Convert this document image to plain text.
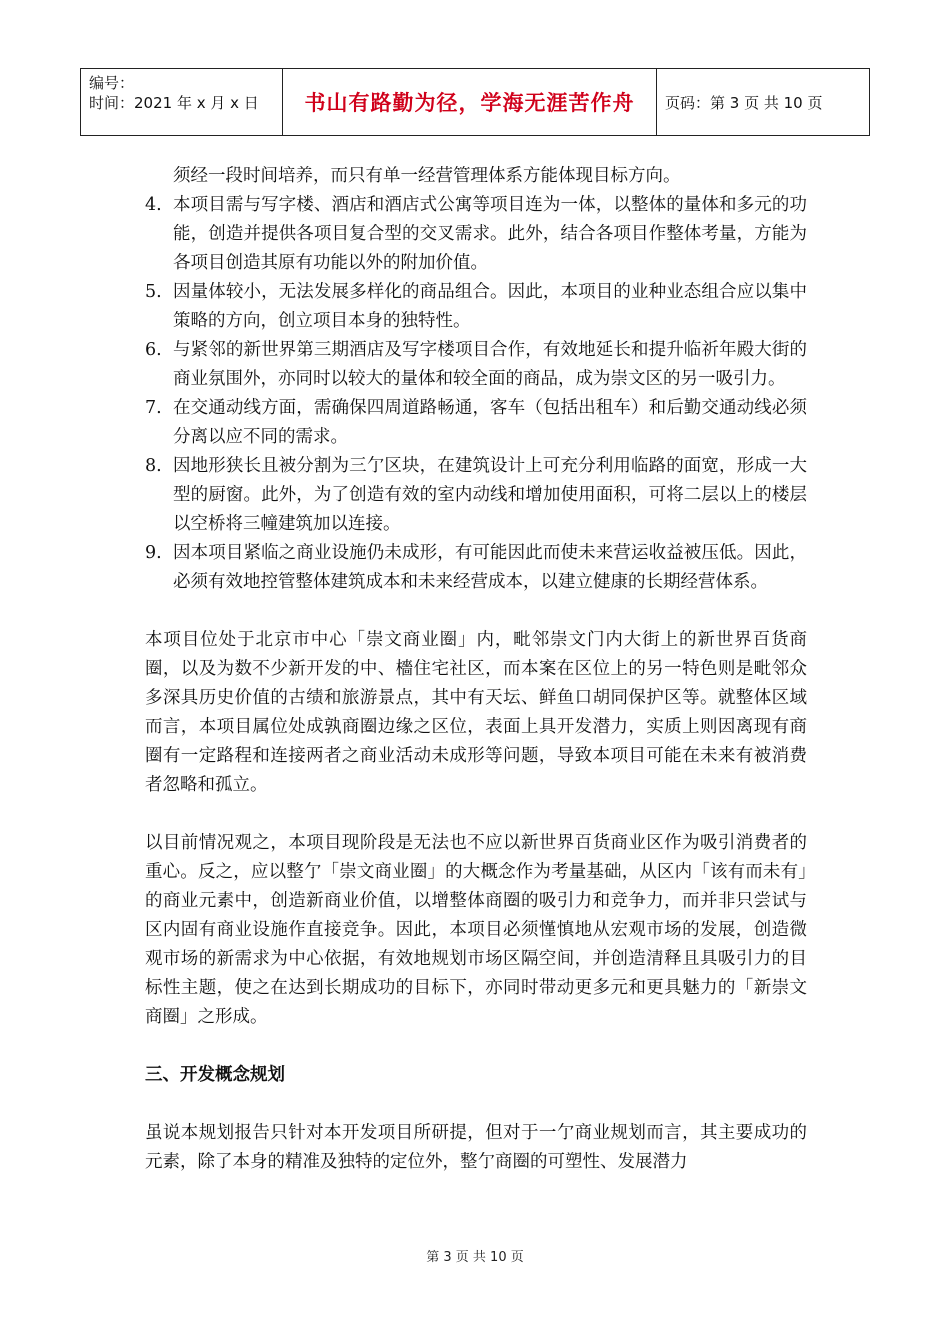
编号：
时间：2021 年 x 月 x 日	书山有路勤为径，学海无涯苦作舟	页码：第 3 页 共 10 页

须经一段时间培养，而只有单一经营管理体系方能体现目标方向。

4. 本项目需与写字楼、酒店和酒店式公寓等项目连为一体，以整体的量体和多元的功能，创造并提供各项目复合型的交叉需求。此外，结合各项目作整体考量，方能为各项目创造其原有功能以外的附加价值。
5. 因量体较小，无法发展多样化的商品组合。因此，本项目的业种业态组合应以集中策略的方向，创立项目本身的独特性。
6. 与紧邻的新世界第三期酒店及写字楼项目合作，有效地延长和提升临祈年殿大街的商业氛围外，亦同时以较大的量体和较全面的商品，成为崇文区的另一吸引力。
7. 在交通动线方面，需确保四周道路畅通，客车（包括出租车）和后勤交通动线必须分离以应不同的需求。
8. 因地形狭长且被分割为三亇区块，在建筑设计上可充分利用临路的面宽，形成一大型的厨窗。此外，为了创造有效的室内动线和增加使用面积，可将二层以上的楼层以空桥将三幢建筑加以连接。
9. 因本项目紧临之商业设施仍未成形，有可能因此而使未来营运收益被压低。因此，必须有效地控管整体建筑成本和未来经营成本，以建立健康的长期经营体系。

本项目位处于北京市中心「崇文商业圈」内，毗邻崇文门内大街上的新世界百货商圈，以及为数不少新开发的中、檣住宅社区，而本案在区位上的另一特色则是毗邻众多深具历史价值的古绩和旅游景点，其中有天坛、鲜鱼口胡同保护区等。就整体区域而言，本项目属位处成孰商圈边缘之区位，表面上具开发潜力，实质上则因离现有商圈有一定路程和连接两者之商业活动未成形等问题，导致本项目可能在未来有被消费者忽略和孤立。

以目前情况观之，本项目现阶段是无法也不应以新世界百货商业区作为吸引消费者的重心。反之，应以整亇「崇文商业圈」的大概念作为考量基础，从区内「该有而未有」的商业元素中，创造新商业价值，以增整体商圈的吸引力和竞争力，而并非只尝试与区内固有商业设施作直接竞争。因此，本项目必须慬慎地从宏观市场的发展，创造微观市场的新需求为中心依据，有效地规划市场区隔空间，并创造清释且具吸引力的目标性主题，使之在达到长期成功的目标下，亦同时带动更多元和更具魅力的「新崇文商圈」之形成。

三、开发概念规划

虽说本规划报告只针对本开发项目所研提，但对于一亇商业规划而言，其主要成功的元素，除了本身的精准及独特的定位外，整亇商圈的可塑性、发展潜力

第 3 页 共 10 页
